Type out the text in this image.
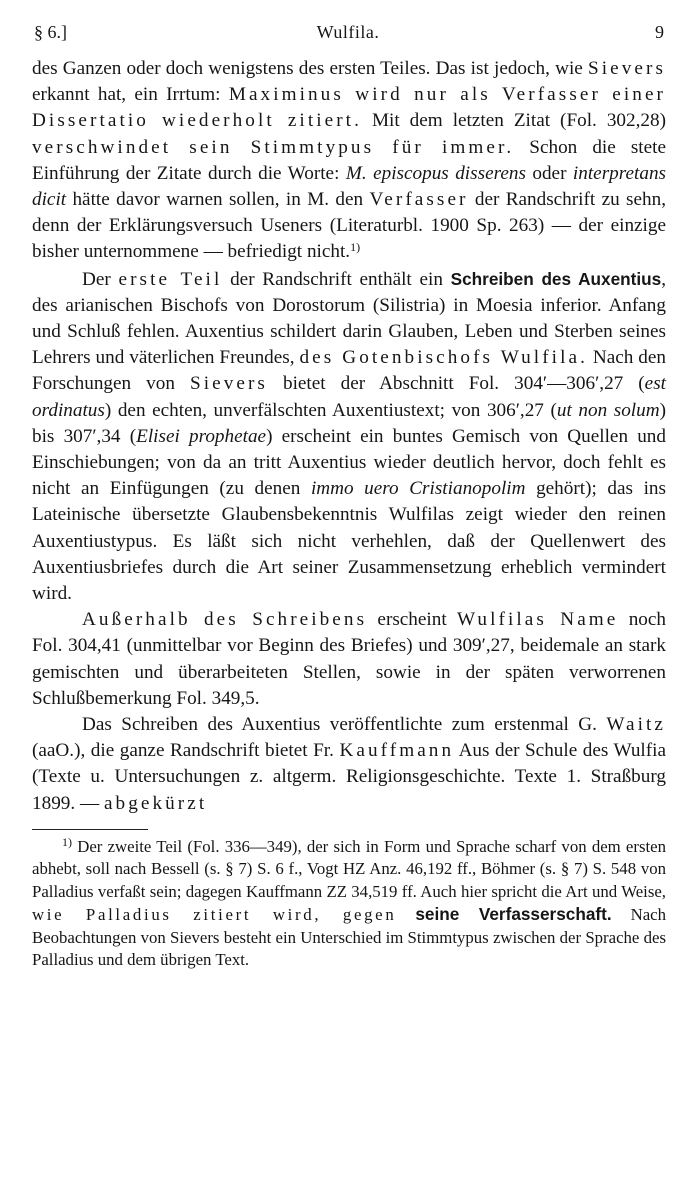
§ 6.]	Wulfila.	9

des Ganzen oder doch wenigstens des ersten Teiles. Das ist jedoch, wie Sievers erkannt hat, ein Irrtum: Maximinus wird nur als Verfasser einer Dissertatio wiederholt zitiert. Mit dem letzten Zitat (Fol. 302,28) verschwindet sein Stimmtypus für immer. Schon die stete Einführung der Zitate durch die Worte: M. episcopus disserens oder interpretans dicit hätte davor warnen sollen, in M. den Verfasser der Randschrift zu sehn, denn der Erklärungsversuch Useners (Literaturbl. 1900 Sp. 263) — der einzige bisher unternommene — befriedigt nicht.$^{1)}$

Der erste Teil der Randschrift enthält ein Schreiben des Auxentius, des arianischen Bischofs von Dorostorum (Silistria) in Moesia inferior. Anfang und Schluß fehlen. Auxentius schildert darin Glauben, Leben und Sterben seines Lehrers und väterlichen Freundes, des Gotenbischofs Wulfila. Nach den Forschungen von Sievers bietet der Abschnitt Fol. 304′—306′,27 (est ordinatus) den echten, unverfälschten Auxentiustext; von 306′,27 (ut non solum) bis 307′,34 (Elisei prophetae) erscheint ein buntes Gemisch von Quellen und Einschiebungen; von da an tritt Auxentius wieder deutlich hervor, doch fehlt es nicht an Einfügungen (zu denen immo uero Cristianopolim gehört); das ins Lateinische übersetzte Glaubensbekenntnis Wulfilas zeigt wieder den reinen Auxentiustypus. Es läßt sich nicht verhehlen, daß der Quellenwert des Auxentiusbriefes durch die Art seiner Zusammensetzung erheblich vermindert wird.

Außerhalb des Schreibens erscheint Wulfilas Name noch Fol. 304,41 (unmittelbar vor Beginn des Briefes) und 309′,27, beidemale an stark gemischten und überarbeiteten Stellen, sowie in der späten verworrenen Schlußbemerkung Fol. 349,5.

Das Schreiben des Auxentius veröffentlichte zum erstenmal G. Waitz (aaO.), die ganze Randschrift bietet Fr. Kauffmann Aus der Schule des Wulfia (Texte u. Untersuchungen z. altgerm. Religionsgeschichte. Texte 1. Straßburg 1899. — abgekürzt

$^{1)}$ Der zweite Teil (Fol. 336—349), der sich in Form und Sprache scharf von dem ersten abhebt, soll nach Bessell (s. § 7) S. 6 f., Vogt HZ Anz. 46,192 ff., Böhmer (s. § 7) S. 548 von Palladius verfaßt sein; dagegen Kauffmann ZZ 34,519 ff. Auch hier spricht die Art und Weise, wie Palladius zitiert wird, gegen seine Verfasserschaft. Nach Beobachtungen von Sievers besteht ein Unterschied im Stimmtypus zwischen der Sprache des Palladius und dem übrigen Text.
